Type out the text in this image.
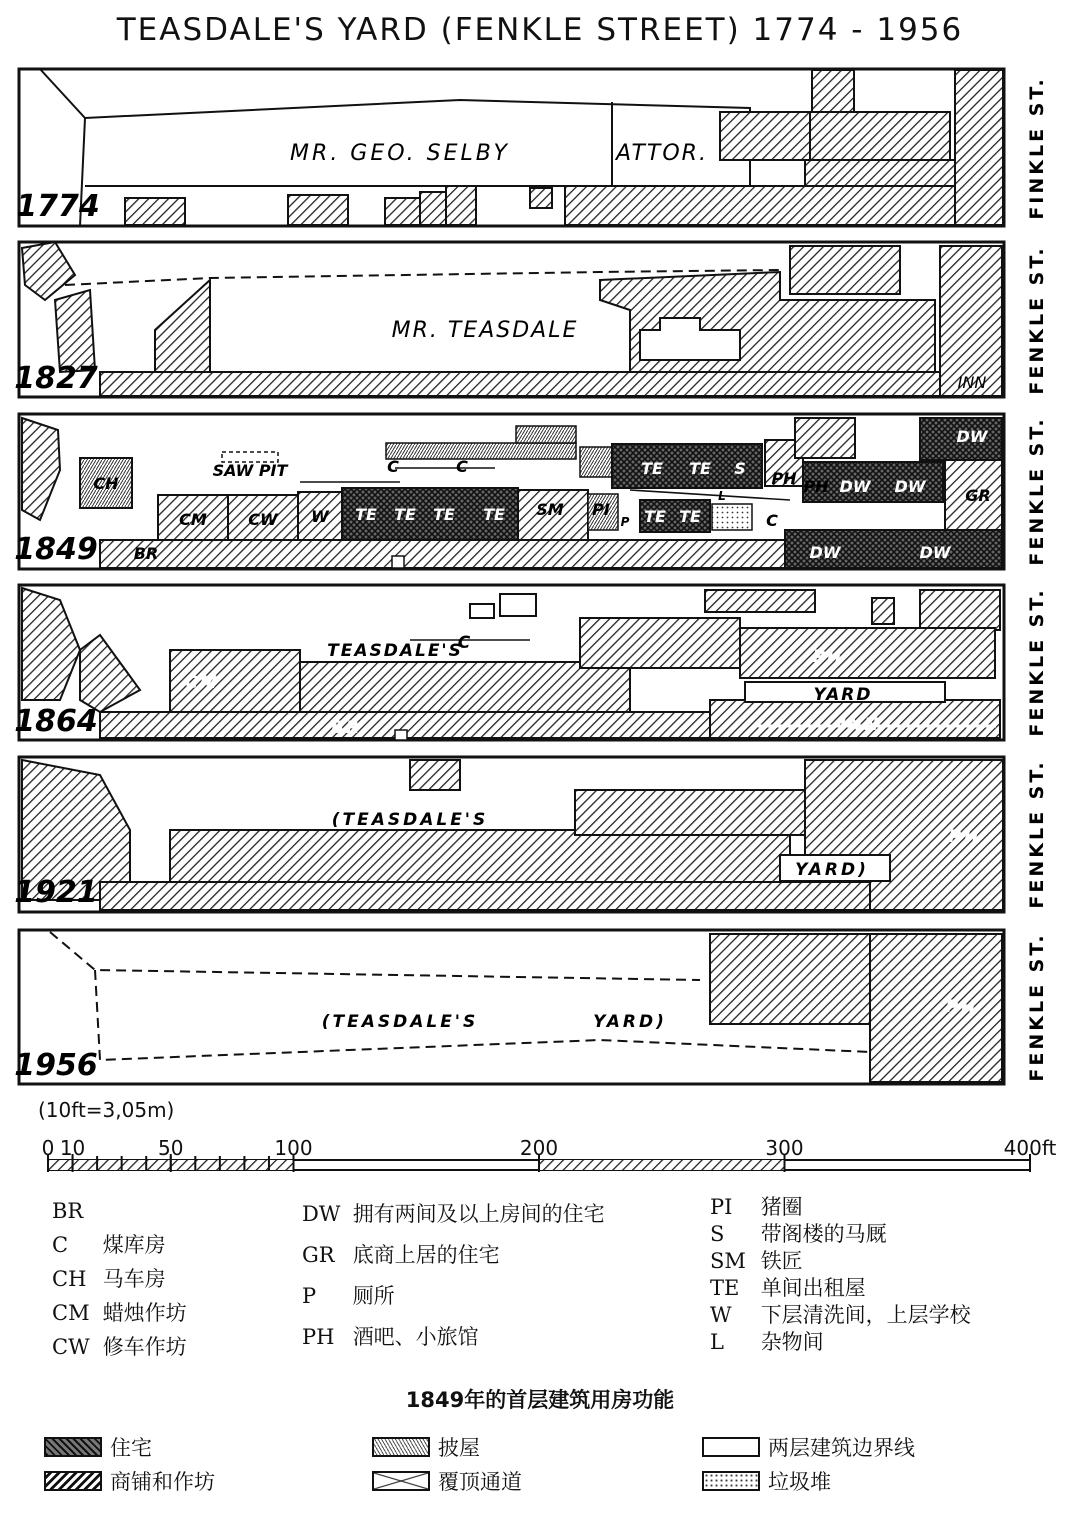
TEASDALE'S YARD (FENKLE STREET) 1774 - 1956
MR. GEO. SELBY	ATTOR.
1774	FINKLE ST.
MR. TEASDALE
INN
1827	FENKLE ST.
SAW PIT
CH
CM	CW W TE TE TE TE SM PI TE TE
TE TE S
PH PH DW DW
DW
DW	DW
GR
BR
C	C
C
P
L
1849	FENKLE ST.
TEASDALE'S
C
CM
PH
YARD
INN
BR
1864	FENKLE ST.
(TEASDALE'S
YARD)
PH
1921	FENKLE ST.
(TEASDALE'S	YARD)
PH
1956	FENKLE ST.
(10ft=3,05m)
0 10	50	100	200	300	400ft
BR
C 煤库房
CH 马车房
CM 蜡烛作坊
CW 修车作坊
DW 拥有两间及以上房间的住宅
GR 底商上居的住宅
P 厕所
PH 酒吧、小旅馆
PI 猪圈
S 带阁楼的马厩
SM 铁匠
TE 单间出租屋
W 下层清洗间，上层学校
L 杂物间
1849年的首层建筑用房功能
住宅
商铺和作坊
披屋
覆顶通道
两层建筑边界线
垃圾堆
